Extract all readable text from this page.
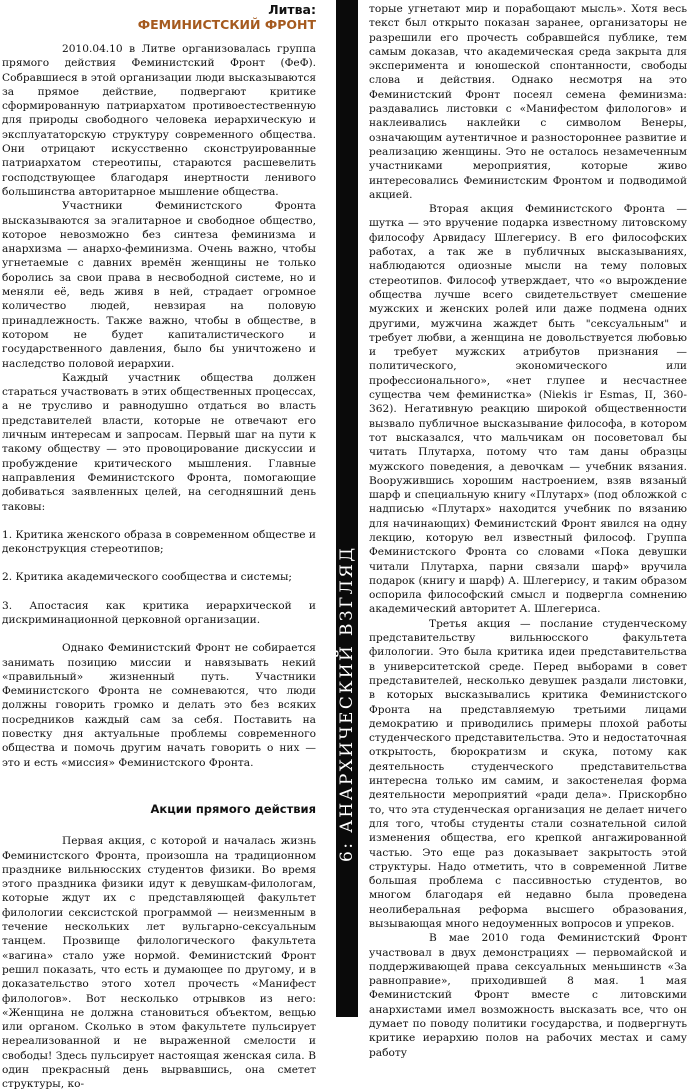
Литва:
ФЕМИНИСТСКИЙ ФРОНТ

2010.04.10 в Литве организовалась группа прямого действия Феминистский Фронт (ФеФ). Собравшиеся в этой организации люди высказываются за прямое действие, подвергают критике сформированную патриархатом противоестественную для природы свободного человека иерархическую и эксплуататорскую структуру современного общества. Они отрицают искусственно сконструированные патриархатом стереотипы, стараются расшевелить господствующее благодаря инертности ленивого большинства авторитарное мышление общества.

Участники Феминистского Фронта высказываются за эгалитарное и свободное общество, которое невозможно без синтеза феминизма и анархизма — анархо-феминизма. Очень важно, чтобы угнетаемые с давних времён женщины не только боролись за свои права в несвободной системе, но и меняли её, ведь живя в ней, страдает огромное количество людей, невзирая на половую принадлежность. Также важно, чтобы в обществе, в котором не будет капиталистического и государственного давления, было бы уничтожено и наследство половой иерархии.

Каждый участник общества должен стараться участвовать в этих общественных процессах, а не трусливо и равнодушно отдаться во власть представителей власти, которые не отвечают его личным интересам и запросам. Первый шаг на пути к такому обществу — это провоцирование дискуссии и пробуждение критического мышления. Главные направления Феминистского Фронта, помогающие добиваться заявленных целей, на сегодняшний день таковы:

1. Критика женского образа в современном обществе и деконструкция стереотипов;

2. Критика академического сообщества и системы;

3. Апостасия как критика иерархической и дискриминационной церковной организации.

Однако Феминистский Фронт не собирается занимать позицию миссии и навязывать некий «правильный» жизненный путь. Участники Феминистского Фронта не сомневаются, что люди должны говорить громко и делать это без всяких посредников каждый сам за себя. Поставить на повестку дня актуальные проблемы современного общества и помочь другим начать говорить о них — это и есть «миссия» Феминистского Фронта.

Акции прямого действия

Первая акция, с которой и началась жизнь Феминистского Фронта, произошла на традиционном празднике вильнюсских студентов физики. Во время этого праздника физики идут к девушкам-филологам, которые ждут их с представляющей факультет филологии сексистской программой — неизменным в течение нескольких лет вульгарно-сексуальным танцем. Прозвище филологического факультета «вагина» стало уже нормой. Феминистский Фронт решил показать, что есть и думающее по другому, и в доказательство этого хотел прочесть «Манифест филологов». Вот несколько отрывков из него: «Женщина не должна становиться объектом, вещью или органом. Сколько в этом факультете пульсирует нереализованной и не выраженной смелости и свободы! Здесь пульсирует настоящая женская сила. В один прекрасный день вырвавшись, она сметет структуры, ко-

6: АНАРХИЧЕСКИЙ ВЗГЛЯД

торые угнетают мир и порабощают мысль». Хотя весь текст был открыто показан заранее, организаторы не разрешили его прочесть собравшейся публике, тем самым доказав, что академическая среда закрыта для эксперимента и юношеской спонтанности, свободы слова и действия. Однако несмотря на это Феминистский Фронт посеял семена феминизма: раздавались листовки с «Манифестом филологов» и наклеивались наклейки с символом Венеры, означающим аутентичное и разностороннее развитие и реализацию женщины. Это не осталось незамеченным участниками мероприятия, которые живо интересовались Феминистским Фронтом и подводимой акцией.

Вторая акция Феминистского Фронта — шутка — это вручение подарка известному литовскому философу Арвидасу Шлегерису. В его философских работах, а так же в публичных высказываниях, наблюдаются одиозные мысли на тему половых стереотипов. Философ утверждает, что «о вырождение общества лучше всего свидетельствует смешение мужских и женских ролей или даже подмена одних другими, мужчина жаждет быть "сексуальным" и требует любви, а женщина не довольствуется любовью и требует мужских атрибутов признания — политического, экономического или профессионального», «нет глупее и несчастнее существа чем феминистка» (Niekis ir Esmas, II, 360-362). Негативную реакцию широкой общественности вызвало публичное высказывание философа, в котором тот высказался, что мальчикам он посоветовал бы читать Плутарха, потому что там даны образцы мужского поведения, а девочкам — учебник вязания. Вооружившись хорошим настроением, взяв вязаный шарф и специальную книгу «Плутарх» (под обложкой с надписью «Плутарх» находится учебник по вязанию для начинающих) Феминистский Фронт явился на одну лекцию, которую вел известный философ. Группа Феминистского Фронта со словами «Пока девушки читали Плутарха, парни связали шарф» вручила подарок (книгу и шарф) А. Шлегерису, и таким образом оспорила философский смысл и подвергла сомнению академический авторитет А. Шлегериса.

Третья акция — послание студенческому представительству вильнюсского факультета филологии. Это была критика идеи представительства в университетской среде. Перед выборами в совет представителей, несколько девушек раздали листовки, в которых высказывались критика Феминистского Фронта на представляемую третьими лицами демократию и приводились примеры плохой работы студенческого представительства. Это и недостаточная открытость, бюрократизм и скука, потому как деятельность студенческого представительства интересна только им самим, и закостенелая форма деятельности мероприятий «ради дела». Прискорбно то, что эта студенческая организация не делает ничего для того, чтобы студенты стали сознательной силой изменения общества, его крепкой ангажированной частью. Это еще раз доказывает закрытость этой структуры. Надо отметить, что в современной Литве большая проблема с пассивностью студентов, во многом благодаря ей недавно была проведена неолиберальная реформа высшего образования, вызывающая много недоуменных вопросов и упреков.

В мае 2010 года Феминистский Фронт участвовал в двух демонстрациях — первомайской и поддерживающей права сексуальных меньшинств «За равноправие», приходившей 8 мая. 1 мая Феминистский Фронт вместе с литовскими анархистами имел возможность высказать все, что он думает по поводу политики государства, и подвергнуть критике иерархию полов на рабочих местах и саму работу
